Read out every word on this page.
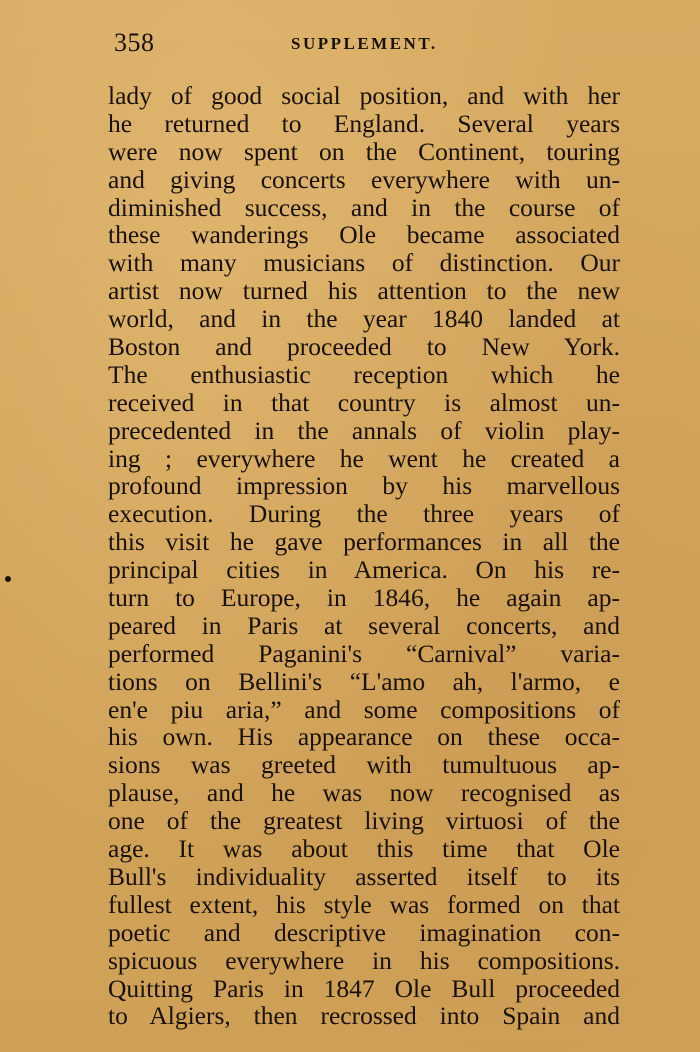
358	SUPPLEMENT.
lady of good social position, and with her
he returned to England. Several years
were now spent on the Continent, touring
and giving concerts everywhere with un-
diminished success, and in the course of
these wanderings Ole became associated
with many musicians of distinction. Our
artist now turned his attention to the new
world, and in the year 1840 landed at
Boston and proceeded to New York.
The enthusiastic reception which he
received in that country is almost un-
precedented in the annals of violin play-
ing ; everywhere he went he created a
profound impression by his marvellous
execution. During the three years of
this visit he gave performances in all the
principal cities in America. On his re-
turn to Europe, in 1846, he again ap-
peared in Paris at several concerts, and
performed Paganini's “Carnival” varia-
tions on Bellini's “L'amo ah, l'armo, e
en'e piu aria,” and some compositions of
his own. His appearance on these occa-
sions was greeted with tumultuous ap-
plause, and he was now recognised as
one of the greatest living virtuosi of the
age. It was about this time that Ole
Bull's individuality asserted itself to its
fullest extent, his style was formed on that
poetic and descriptive imagination con-
spicuous everywhere in his compositions.
Quitting Paris in 1847 Ole Bull proceeded
to Algiers, then recrossed into Spain and
